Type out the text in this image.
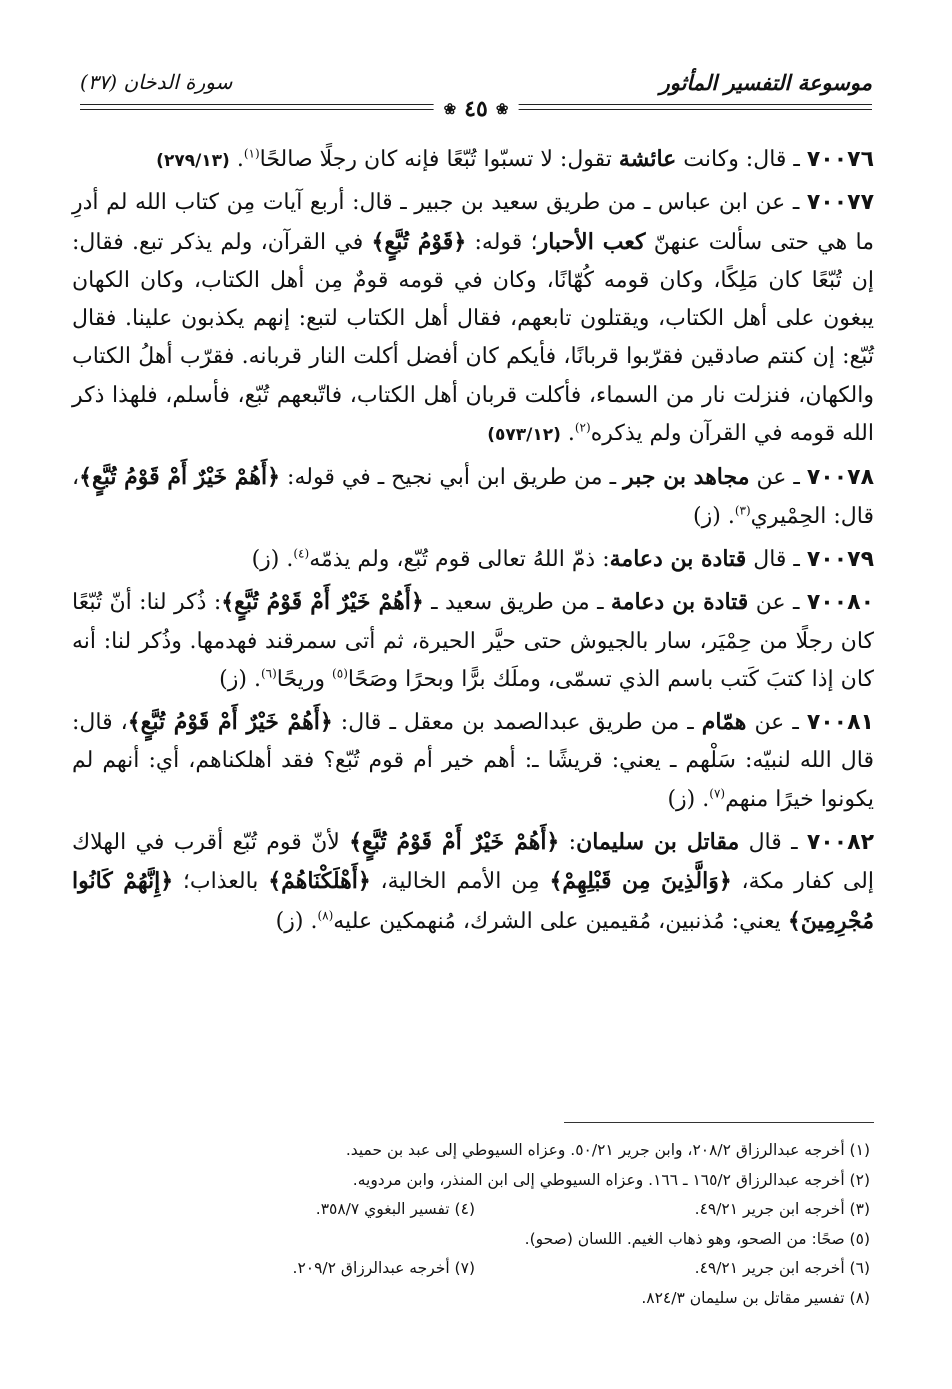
موسوعة التفسير المأثور
سورة الدخان (٣٧)
❀
٤٥
❀

٧٠٠٧٦ ـ قال: وكانت عائشة تقول: لا تسبّوا تُبّعًا فإنه كان رجلًا صالحًا$^{(١)}$. (٢٧٩/١٣)

٧٠٠٧٧ ـ عن ابن عباس ـ من طريق سعيد بن جبير ـ قال: أربع آيات مِن كتاب الله لم أدرِ ما هي حتى سألت عنهنّ كعب الأحبار؛ قوله: ﴿قَوْمُ تُبَّعٍ﴾ في القرآن، ولم يذكر تبع. فقال: إن تُبّعًا كان مَلِكًا، وكان قومه كُهّانًا، وكان في قومه قومٌ مِن أهل الكتاب، وكان الكهان يبغون على أهل الكتاب، ويقتلون تابعهم، فقال أهل الكتاب لتبع: إنهم يكذبون علينا. فقال تُبّع: إن كنتم صادقين فقرّبوا قربانًا، فأيكم كان أفضل أكلت النار قربانه. فقرّب أهلُ الكتاب والكهان، فنزلت نار من السماء، فأكلت قربان أهل الكتاب، فاتّبعهم تُبّع، فأسلم، فلهذا ذكر الله قومه في القرآن ولم يذكره$^{(٢)}$. (٥٧٣/١٢)

٧٠٠٧٨ ـ عن مجاهد بن جبر ـ من طريق ابن أبي نجيح ـ في قوله: ﴿أَهُمْ خَيْرٌ أَمْ قَوْمُ تُبَّعٍ﴾، قال: الحِمْيري$^{(٣)}$. (ز)

٧٠٠٧٩ ـ قال قتادة بن دعامة: ذمّ اللهُ تعالى قوم تُبّع، ولم يذمّه$^{(٤)}$. (ز)

٧٠٠٨٠ ـ عن قتادة بن دعامة ـ من طريق سعيد ـ ﴿أَهُمْ خَيْرٌ أَمْ قَوْمُ تُبَّعٍ﴾: ذُكر لنا: أنّ تُبّعًا كان رجلًا من حِمْيَر، سار بالجيوش حتى حيَّر الحيرة، ثم أتى سمرقند فهدمها. وذُكر لنا: أنه كان إذا كتبَ كَتب باسم الذي تسمّى، وملَك برًّا وبحرًا وصَحًا$^{(٥)}$ وريحًا$^{(٦)}$. (ز)

٧٠٠٨١ ـ عن همّام ـ من طريق عبدالصمد بن معقل ـ قال: ﴿أَهُمْ خَيْرٌ أَمْ قَوْمُ تُبَّعٍ﴾، قال: قال الله لنبيّه: سَلْهم ـ يعني: قريشًا ـ: أهم خير أم قوم تُبّع؟ فقد أهلكناهم، أي: أنهم لم يكونوا خيرًا منهم$^{(٧)}$. (ز)

٧٠٠٨٢ ـ قال مقاتل بن سليمان: ﴿أَهُمْ خَيْرٌ أَمْ قَوْمُ تُبَّعٍ﴾ لأنّ قوم تُبّع أقرب في الهلاك إلى كفار مكة، ﴿وَالَّذِينَ مِن قَبْلِهِمْ﴾ مِن الأمم الخالية، ﴿أَهْلَكْنَاهُمْ﴾ بالعذاب؛ ﴿إِنَّهُمْ كَانُوا مُجْرِمِينَ﴾ يعني: مُذنبين، مُقيمين على الشرك، مُنهمكين عليه$^{(٨)}$. (ز)

(١) أخرجه عبدالرزاق ٢٠٨/٢، وابن جرير ٥٠/٢١. وعزاه السيوطي إلى عبد بن حميد.
(٢) أخرجه عبدالرزاق ١٦٥/٢ ـ ١٦٦. وعزاه السيوطي إلى ابن المنذر، وابن مردويه.
(٣) أخرجه ابن جرير ٤٩/٢١.
(٤) تفسير البغوي ٣٥٨/٧.
(٥) صحًا: من الصحو، وهو ذهاب الغيم. اللسان (صحو).
(٦) أخرجه ابن جرير ٤٩/٢١.
(٧) أخرجه عبدالرزاق ٢٠٩/٢.
(٨) تفسير مقاتل بن سليمان ٨٢٤/٣.
